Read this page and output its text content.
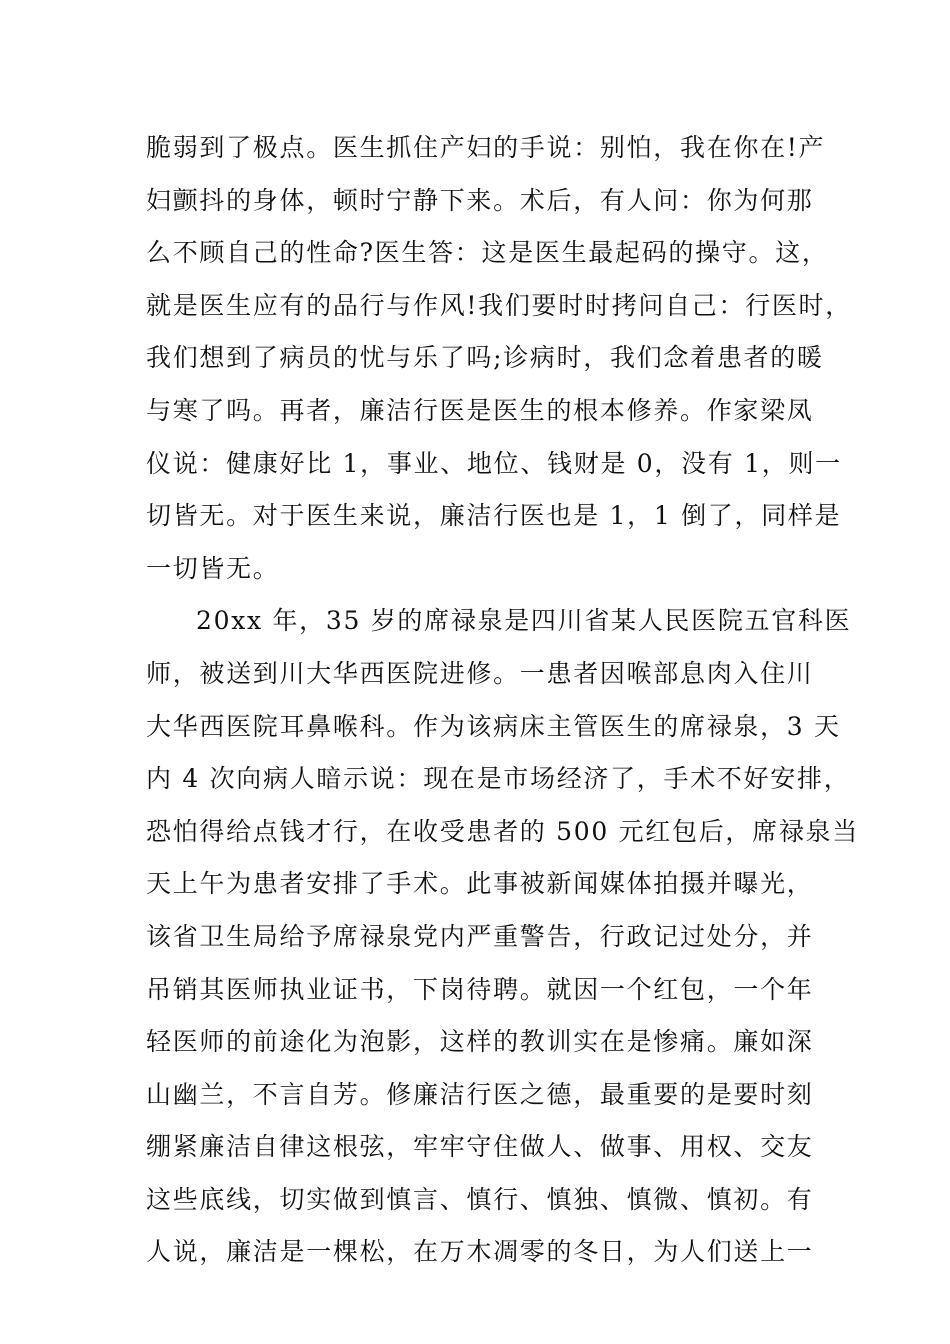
脆弱到了极点。医生抓住产妇的手说：别怕，我在你在!产
妇颤抖的身体，顿时宁静下来。术后，有人问：你为何那
么不顾自己的性命?医生答：这是医生最起码的操守。这，
就是医生应有的品行与作风!我们要时时拷问自己：行医时，
我们想到了病员的忧与乐了吗;诊病时，我们念着患者的暖
与寒了吗。再者，廉洁行医是医生的根本修养。作家梁凤
仪说：健康好比 1，事业、地位、钱财是 0，没有 1，则一
切皆无。对于医生来说，廉洁行医也是 1，1 倒了，同样是
一切皆无。
20xx 年，35 岁的席禄泉是四川省某人民医院五官科医
师，被送到川大华西医院进修。一患者因喉部息肉入住川
大华西医院耳鼻喉科。作为该病床主管医生的席禄泉，3 天
内 4 次向病人暗示说：现在是市场经济了，手术不好安排，
恐怕得给点钱才行，在收受患者的 500 元红包后，席禄泉当
天上午为患者安排了手术。此事被新闻媒体拍摄并曝光，
该省卫生局给予席禄泉党内严重警告，行政记过处分，并
吊销其医师执业证书，下岗待聘。就因一个红包，一个年
轻医师的前途化为泡影，这样的教训实在是惨痛。廉如深
山幽兰，不言自芳。修廉洁行医之德，最重要的是要时刻
绷紧廉洁自律这根弦，牢牢守住做人、做事、用权、交友
这些底线，切实做到慎言、慎行、慎独、慎微、慎初。有
人说，廉洁是一棵松，在万木凋零的冬日，为人们送上一
